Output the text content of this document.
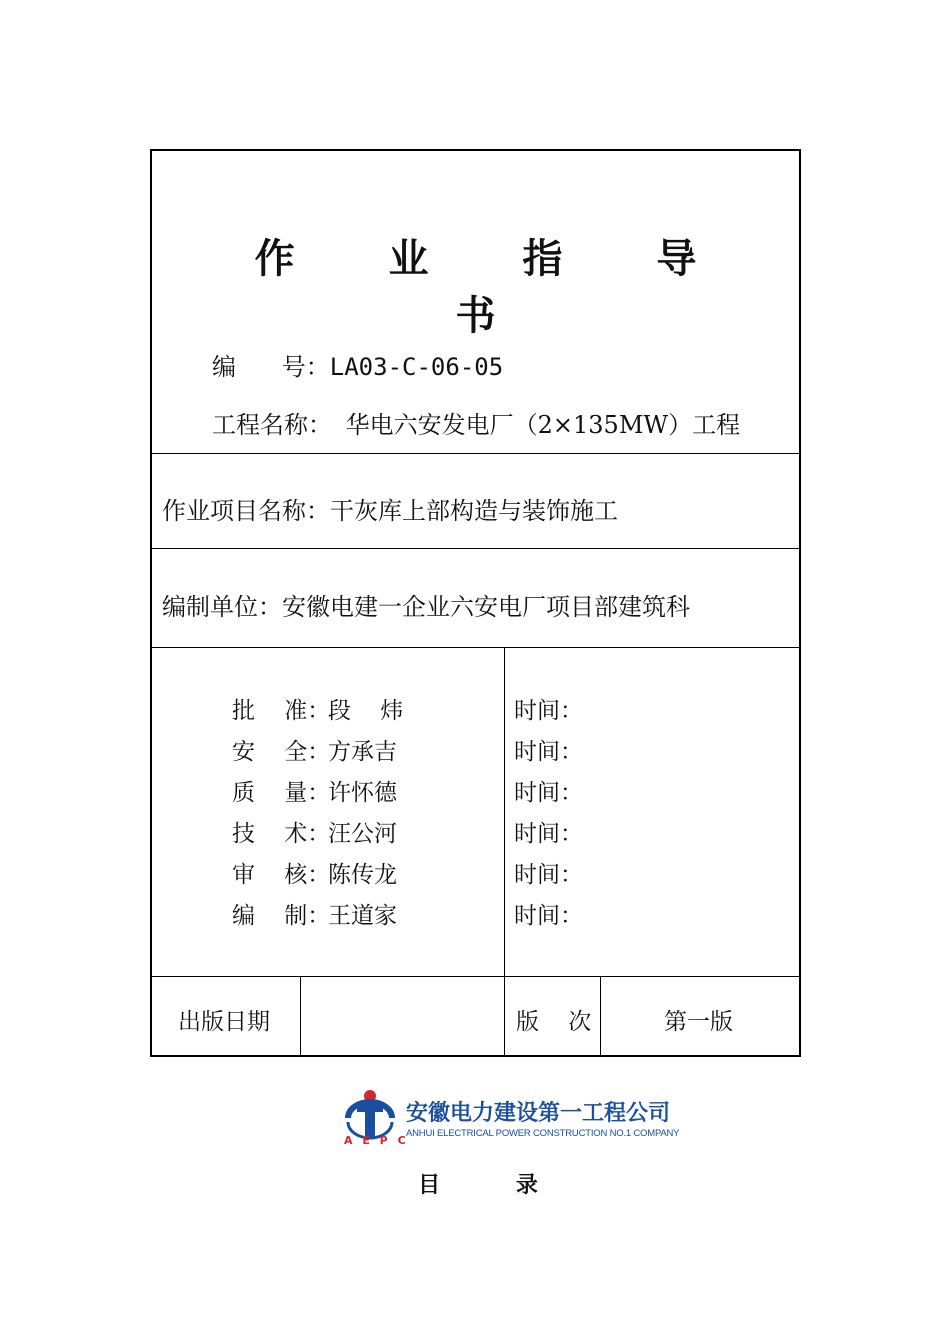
作 业 指 导 书
编      号：LA03-C-06-05
工程名称： 华电六安发电厂（2×135MW）工程
作业项目名称：干灰库上部构造与装饰施工
编制单位：安徽电建一企业六安电厂项目部建筑科
批    准：段    炜
安    全：方承吉
质    量：许怀德
技    术：汪公河
审    核：陈传龙
编    制：王道家
时间：
时间：
时间：
时间：
时间：
时间：
出版日期	版    次	第一版
A E P C
安徽电力建设第一工程公司
ANHUI ELECTRICAL POWER CONSTRUCTION NO.1 COMPANY
目 录
